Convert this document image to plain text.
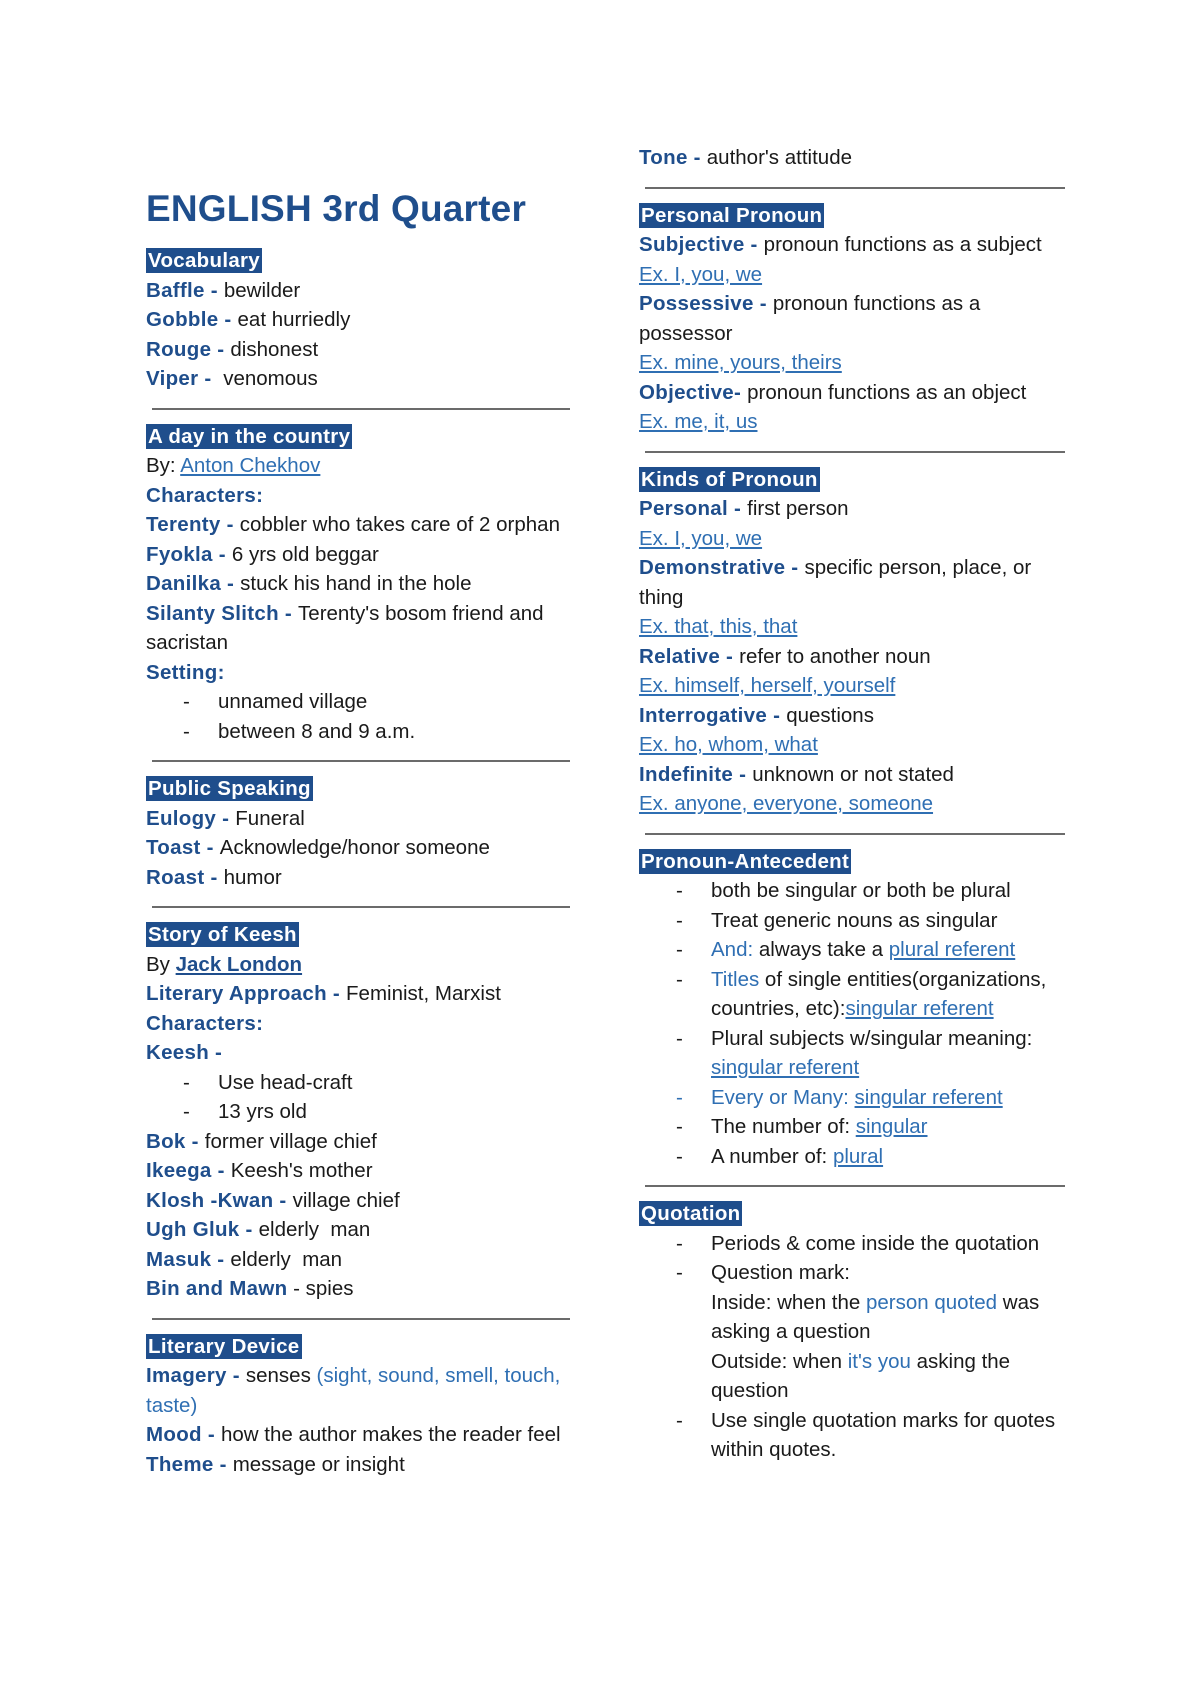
ENGLISH 3rd Quarter
Vocabulary
Baffle - bewilder
Gobble - eat hurriedly
Rouge - dishonest
Viper -  venomous
A day in the country
By: Anton Chekhov
Characters:
Terenty - cobbler who takes care of 2 orphan
Fyokla - 6 yrs old beggar
Danilka - stuck his hand in the hole
Silanty Slitch - Terenty's bosom friend and sacristan
Setting:
- unnamed village
- between 8 and 9 a.m.
Public Speaking
Eulogy - Funeral
Toast - Acknowledge/honor someone
Roast - humor
Story of Keesh
By Jack London
Literary Approach - Feminist, Marxist
Characters:
Keesh -
- Use head-craft
- 13 yrs old
Bok - former village chief
Ikeega - Keesh's mother
Klosh -Kwan - village chief
Ugh Gluk - elderly  man
Masuk - elderly  man
Bin and Mawn - spies
Literary Device
Imagery - senses (sight, sound, smell, touch, taste)
Mood - how the author makes the reader feel
Theme - message or insight
Tone - author's attitude
Personal Pronoun
Subjective - pronoun functions as a subject
Ex. I, you, we
Possessive - pronoun functions as a possessor
Ex. mine, yours, theirs
Objective- pronoun functions as an object
Ex. me, it, us
Kinds of Pronoun
Personal - first person
Ex. I, you, we
Demonstrative - specific person, place, or thing
Ex. that, this, that
Relative - refer to another noun
Ex. himself, herself, yourself
Interrogative - questions
Ex. ho, whom, what
Indefinite - unknown or not stated
Ex. anyone, everyone, someone
Pronoun-Antecedent
- both be singular or both be plural
- Treat generic nouns as singular
- And: always take a plural referent
- Titles of single entities(organizations, countries, etc):singular referent
- Plural subjects w/singular meaning: singular referent
- Every or Many: singular referent
- The number of: singular
- A number of: plural
Quotation
- Periods & come inside the quotation
- Question mark:
Inside: when the person quoted was asking a question
Outside: when it's you asking the question
- Use single quotation marks for quotes within quotes.
